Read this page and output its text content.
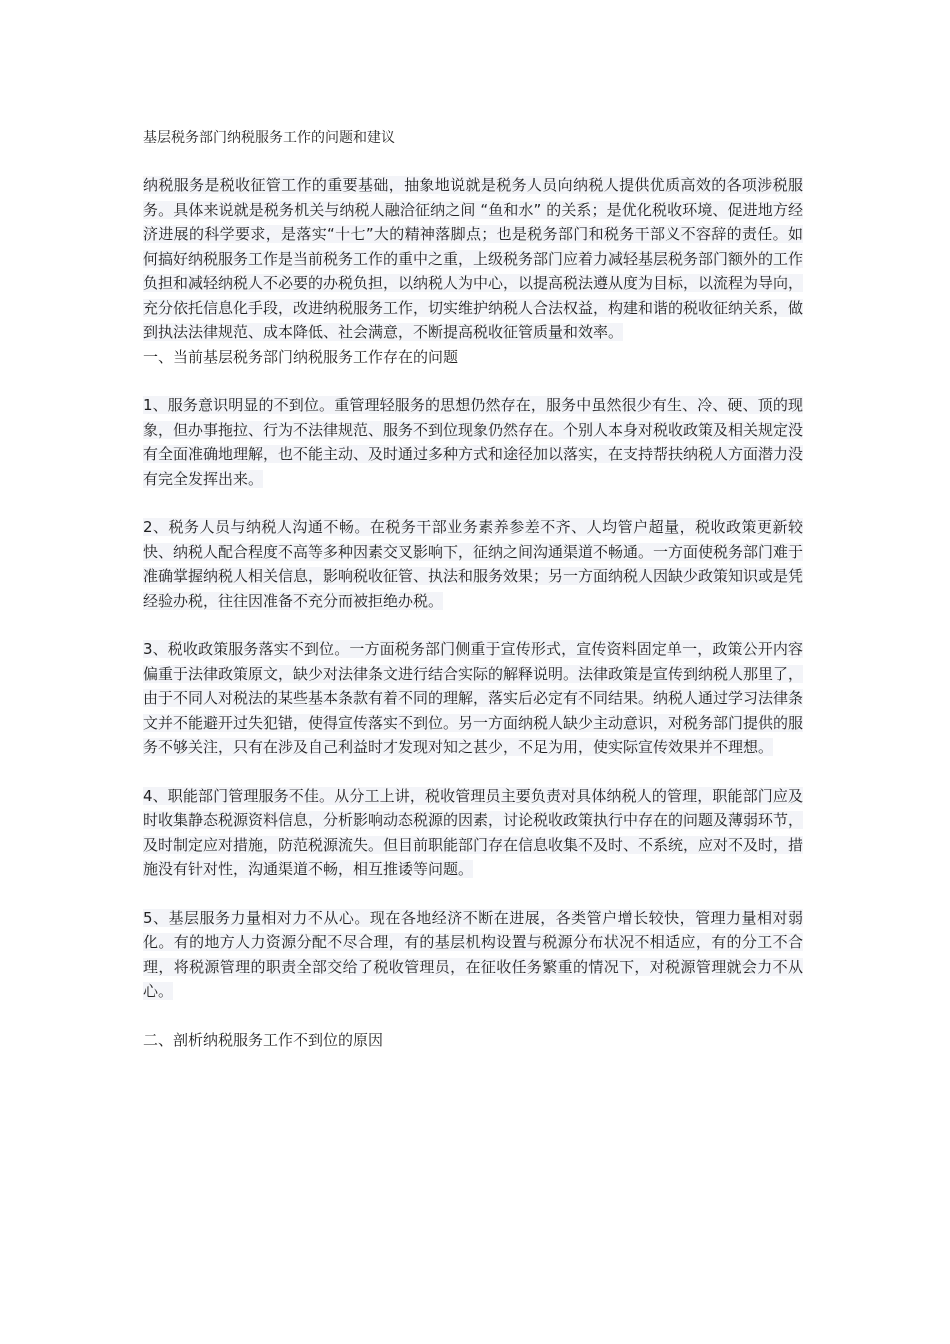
基层税务部门纳税服务工作的问题和建议

纳税服务是税收征管工作的重要基础，抽象地说就是税务人员向纳税人提供优质高效的各项涉税服务。具体来说就是税务机关与纳税人融洽征纳之间 “鱼和水” 的关系；是优化税收环境、促进地方经济进展的科学要求，是落实“十七”大的精神落脚点；也是税务部门和税务干部义不容辞的责任。如何搞好纳税服务工作是当前税务工作的重中之重，上级税务部门应着力减轻基层税务部门额外的工作负担和减轻纳税人不必要的办税负担，以纳税人为中心，以提高税法遵从度为目标，以流程为导向，充分依托信息化手段，改进纳税服务工作，切实维护纳税人合法权益，构建和谐的税收征纳关系，做到执法法律规范、成本降低、社会满意，不断提高税收征管质量和效率。

一、当前基层税务部门纳税服务工作存在的问题

1、服务意识明显的不到位。重管理轻服务的思想仍然存在，服务中虽然很少有生、冷、硬、顶的现象，但办事拖拉、行为不法律规范、服务不到位现象仍然存在。个别人本身对税收政策及相关规定没有全面准确地理解，也不能主动、及时通过多种方式和途径加以落实，在支持帮扶纳税人方面潜力没有完全发挥出来。

2、税务人员与纳税人沟通不畅。在税务干部业务素养参差不齐、人均管户超量，税收政策更新较快、纳税人配合程度不高等多种因素交叉影响下，征纳之间沟通渠道不畅通。一方面使税务部门难于准确掌握纳税人相关信息，影响税收征管、执法和服务效果；另一方面纳税人因缺少政策知识或是凭经验办税，往往因准备不充分而被拒绝办税。

3、税收政策服务落实不到位。一方面税务部门侧重于宣传形式，宣传资料固定单一，政策公开内容偏重于法律政策原文，缺少对法律条文进行结合实际的解释说明。法律政策是宣传到纳税人那里了，由于不同人对税法的某些基本条款有着不同的理解，落实后必定有不同结果。纳税人通过学习法律条文并不能避开过失犯错，使得宣传落实不到位。另一方面纳税人缺少主动意识，对税务部门提供的服务不够关注，只有在涉及自己利益时才发现对知之甚少，不足为用，使实际宣传效果并不理想。

4、职能部门管理服务不佳。从分工上讲，税收管理员主要负责对具体纳税人的管理，职能部门应及时收集静态税源资料信息，分析影响动态税源的因素，讨论税收政策执行中存在的问题及薄弱环节，及时制定应对措施，防范税源流失。但目前职能部门存在信息收集不及时、不系统，应对不及时，措施没有针对性，沟通渠道不畅，相互推诿等问题。

5、基层服务力量相对力不从心。现在各地经济不断在进展，各类管户增长较快，管理力量相对弱化。有的地方人力资源分配不尽合理，有的基层机构设置与税源分布状况不相适应，有的分工不合理，将税源管理的职责全部交给了税收管理员，在征收任务繁重的情况下，对税源管理就会力不从心。

二、剖析纳税服务工作不到位的原因
